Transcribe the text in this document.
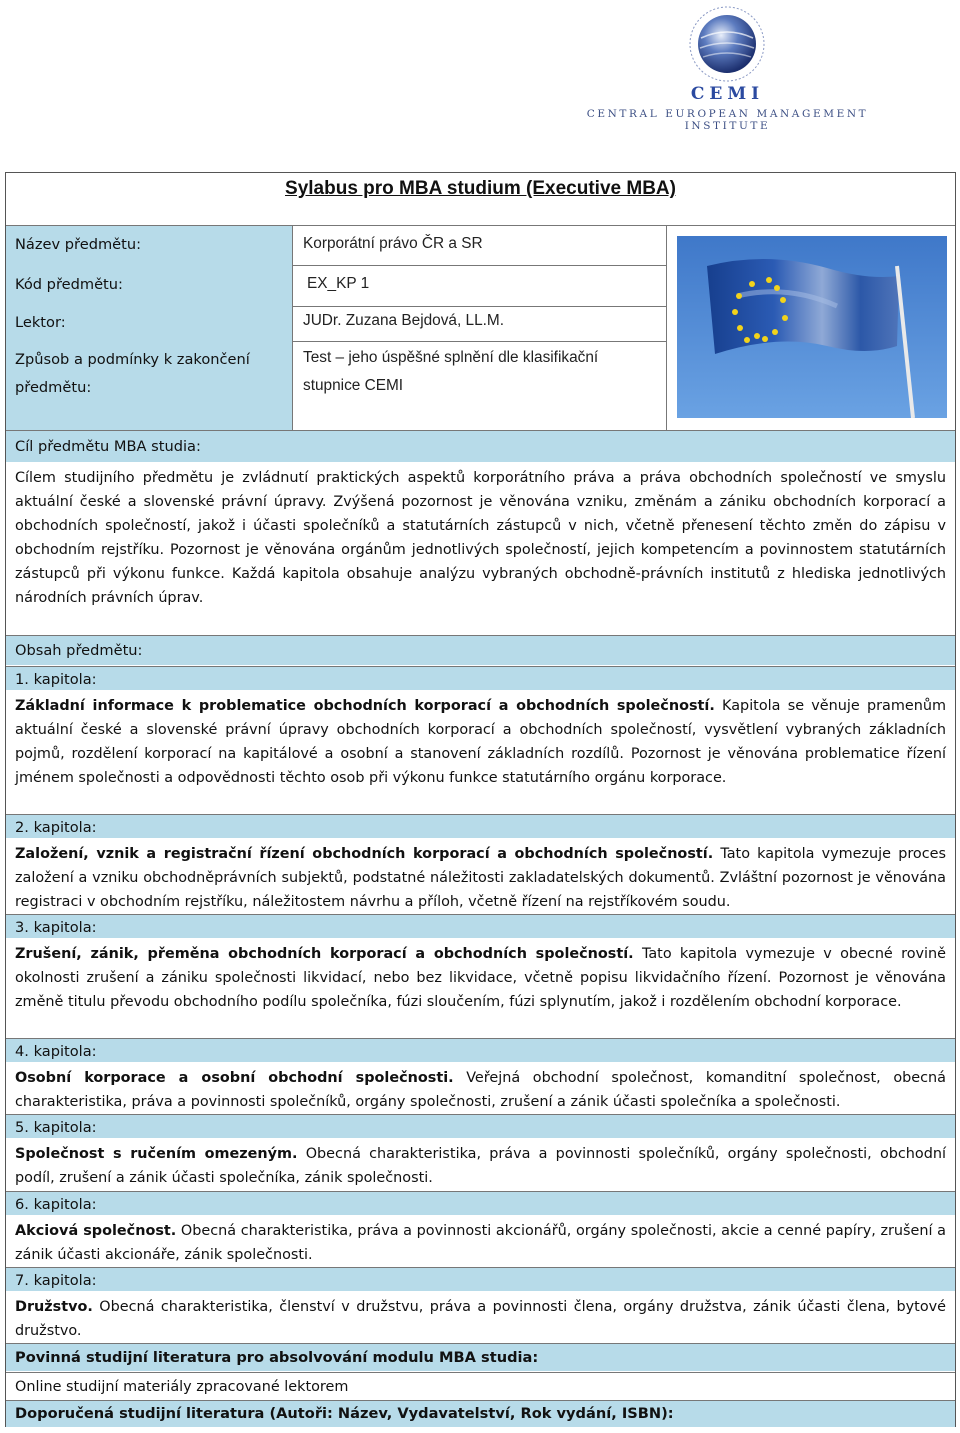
CEMI
CENTRAL EUROPEAN MANAGEMENT INSTITUTE
Sylabus pro MBA studium (Executive MBA)
Název předmětu:
Kód předmětu:
Lektor:
Způsob a podmínky k zakončení předmětu:
Korporátní právo ČR a SR
EX_KP 1
JUDr. Zuzana Bejdová, LL.M.
Test – jeho úspěšné splnění dle klasifikační stupnice CEMI
Cíl předmětu MBA studia:
Cílem studijního předmětu je zvládnutí praktických aspektů korporátního práva a práva obchodních společností ve smyslu aktuální české a slovenské právní úpravy. Zvýšená pozornost je věnována vzniku, změnám a zániku obchodních korporací a obchodních společností, jakož i účasti společníků a statutárních zástupců v nich, včetně přenesení těchto změn do zápisu v obchodním rejstříku. Pozornost je věnována orgánům jednotlivých společností, jejich kompetencím a povinnostem statutárních zástupců při výkonu funkce. Každá kapitola obsahuje analýzu vybraných obchodně-právních institutů z hlediska jednotlivých národních právních úprav.
Obsah předmětu:
1. kapitola:
Základní informace k problematice obchodních korporací a obchodních společností. Kapitola se věnuje pramenům aktuální české a slovenské právní úpravy obchodních korporací a obchodních společností, vysvětlení vybraných základních pojmů, rozdělení korporací na kapitálové a osobní a stanovení základních rozdílů. Pozornost je věnována problematice řízení jménem společnosti a odpovědnosti těchto osob při výkonu funkce statutárního orgánu korporace.
2. kapitola:
Založení, vznik a registrační řízení obchodních korporací a obchodních společností. Tato kapitola vymezuje proces založení a vzniku obchodněprávních subjektů, podstatné náležitosti zakladatelských dokumentů. Zvláštní pozornost je věnována registraci v obchodním rejstříku, náležitostem návrhu a příloh, včetně řízení na rejstříkovém soudu.
3. kapitola:
Zrušení, zánik, přeměna obchodních korporací a obchodních společností. Tato kapitola vymezuje v obecné rovině okolnosti zrušení a zániku společnosti likvidací, nebo bez likvidace, včetně popisu likvidačního řízení. Pozornost je věnována změně titulu převodu obchodního podílu společníka, fúzi sloučením, fúzi splynutím, jakož i rozdělením obchodní korporace.
4. kapitola:
Osobní korporace a osobní obchodní společnosti. Veřejná obchodní společnost, komanditní společnost, obecná charakteristika, práva a povinnosti společníků, orgány společnosti, zrušení a zánik účasti společníka a společnosti.
5. kapitola:
Společnost s ručením omezeným. Obecná charakteristika, práva a povinnosti společníků, orgány společnosti, obchodní podíl, zrušení a zánik účasti společníka, zánik společnosti.
6. kapitola:
Akciová společnost. Obecná charakteristika, práva a povinnosti akcionářů, orgány společnosti, akcie a cenné papíry, zrušení a zánik účasti akcionáře, zánik společnosti.
7. kapitola:
Družstvo. Obecná charakteristika, členství v družstvu, práva a povinnosti člena, orgány družstva, zánik účasti člena, bytové družstvo.
Povinná studijní literatura pro absolvování modulu MBA studia:
Online studijní materiály zpracované lektorem
Doporučená studijní literatura (Autoři: Název, Vydavatelství, Rok vydání, ISBN):
